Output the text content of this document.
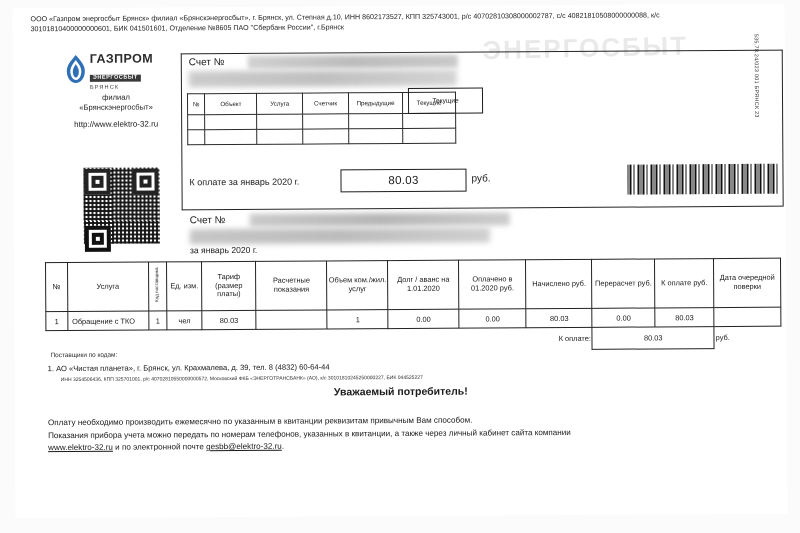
ЭНЕРГОСБЫТ
ООО «Газпром энергосбыт Брянск» филиал «Брянскэнергосбыт», г. Брянск, ул. Степная д.10, ИНН 8602173527, КПП 325743001, р/с 40702810308000002787, с/с 40821810508000000088, к/с 30101810400000000601, БИК 041501601, Отделение №8605 ПАО "Сбербанк России", г.Брянск
535.78.24/023 001 БРЯНСК 23
ГАЗПРОМ
ЭНЕРГОСБЫТ
БРЯНСК
филиал
«Брянскэнергосбыт»
http://www.elektro-32.ru
Счет №
№	Объект	Услуга	Счетчик	Предыдущие	Текущие

Текущие
К оплате за январь 2020 г.	80.03	руб.
Счет №
за январь 2020 г.
№	Услуга	Код поставщика	Ед. изм.	Тариф (размер платы)	Расчетные показания	Объем ком./жил. услуг	Долг / аванс на 1.01.2020	Оплачено в 01.2020 руб.	Начислено руб.	Перерасчет руб.	К оплате руб.	Дата очередной поверки
1	Обращение с ТКО	1	чел	80.03		1	0.00	0.00	80.03	0.00	80.03	
К оплате:										80.03		руб.
Поставщики по кодам:
1. АО «Чистая планета», г. Брянск, ул. Крахмалева, д. 39, тел. 8 (4832) 60-64-44
ИНН 3254506436, КПП 325701001, р/с 40702810550000000572, Московский ФКБ «ЭНЕРГОТРАНСБАНК» (АО), к/с 30101810245250000227, БИК 044525227
Уважаемый потребитель!
Оплату необходимо производить ежемесячно по указанным в квитанции реквизитам привычным Вам способом.
Показания прибора учета можно передать по номерам телефонов, указанных в квитанции, а также через личный кабинет сайта компании
www.elektro-32.ru и по электронной почте gesbb@elektro-32.ru.
